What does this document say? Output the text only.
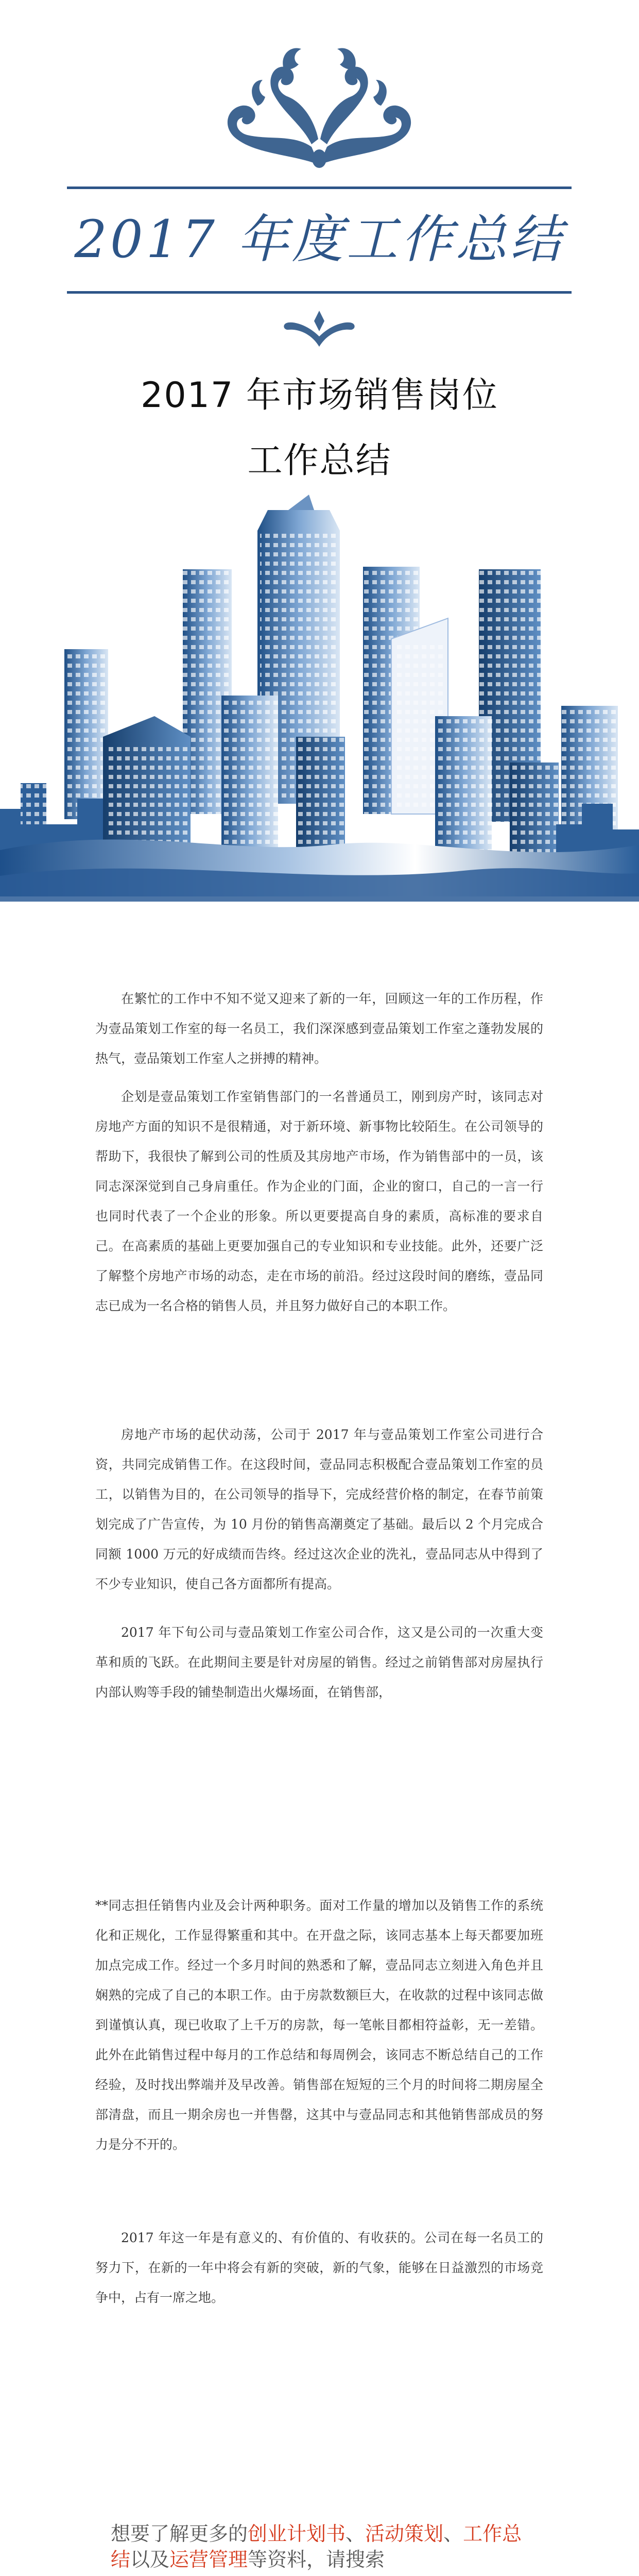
2017 年度工作总结
2017 年市场销售岗位
工作总结

在繁忙的工作中不知不觉又迎来了新的一年，回顾这一年的工作历程，作为壹品策划工作室的每一名员工，我们深深感到壹品策划工作室之蓬勃发展的热气，壹品策划工作室人之拼搏的精神。

企划是壹品策划工作室销售部门的一名普通员工，刚到房产时，该同志对房地产方面的知识不是很精通，对于新环境、新事物比较陌生。在公司领导的帮助下，我很快了解到公司的性质及其房地产市场，作为销售部中的一员，该同志深深觉到自己身肩重任。作为企业的门面，企业的窗口，自己的一言一行也同时代表了一个企业的形象。所以更要提高自身的素质，高标准的要求自己。在高素质的基础上更要加强自己的专业知识和专业技能。此外，还要广泛了解整个房地产市场的动态，走在市场的前沿。经过这段时间的磨练，壹品同志已成为一名合格的销售人员，并且努力做好自己的本职工作。

房地产市场的起伏动荡，公司于 2017 年与壹品策划工作室公司进行合资，共同完成销售工作。在这段时间，壹品同志积极配合壹品策划工作室的员工，以销售为目的，在公司领导的指导下，完成经营价格的制定，在春节前策划完成了广告宣传，为 10 月份的销售高潮奠定了基础。最后以 2 个月完成合同额 1000 万元的好成绩而告终。经过这次企业的洗礼，壹品同志从中得到了不少专业知识，使自己各方面都所有提高。

2017 年下旬公司与壹品策划工作室公司合作，这又是公司的一次重大变革和质的飞跃。在此期间主要是针对房屋的销售。经过之前销售部对房屋执行内部认购等手段的铺垫制造出火爆场面，在销售部，

**同志担任销售内业及会计两种职务。面对工作量的增加以及销售工作的系统化和正规化，工作显得繁重和其中。在开盘之际，该同志基本上每天都要加班加点完成工作。经过一个多月时间的熟悉和了解，壹品同志立刻进入角色并且娴熟的完成了自己的本职工作。由于房款数额巨大，在收款的过程中该同志做到谨慎认真，现已收取了上千万的房款，每一笔帐目都相符益彰，无一差错。此外在此销售过程中每月的工作总结和每周例会，该同志不断总结自己的工作经验，及时找出弊端并及早改善。销售部在短短的三个月的时间将二期房屋全部清盘，而且一期余房也一并售罄，这其中与壹品同志和其他销售部成员的努力是分不开的。

2017 年这一年是有意义的、有价值的、有收获的。公司在每一名员工的努力下，在新的一年中将会有新的突破，新的气象，能够在日益激烈的市场竞争中，占有一席之地。

想要了解更多的创业计划书、活动策划、工作总结以及运营管理等资料，请搜索
